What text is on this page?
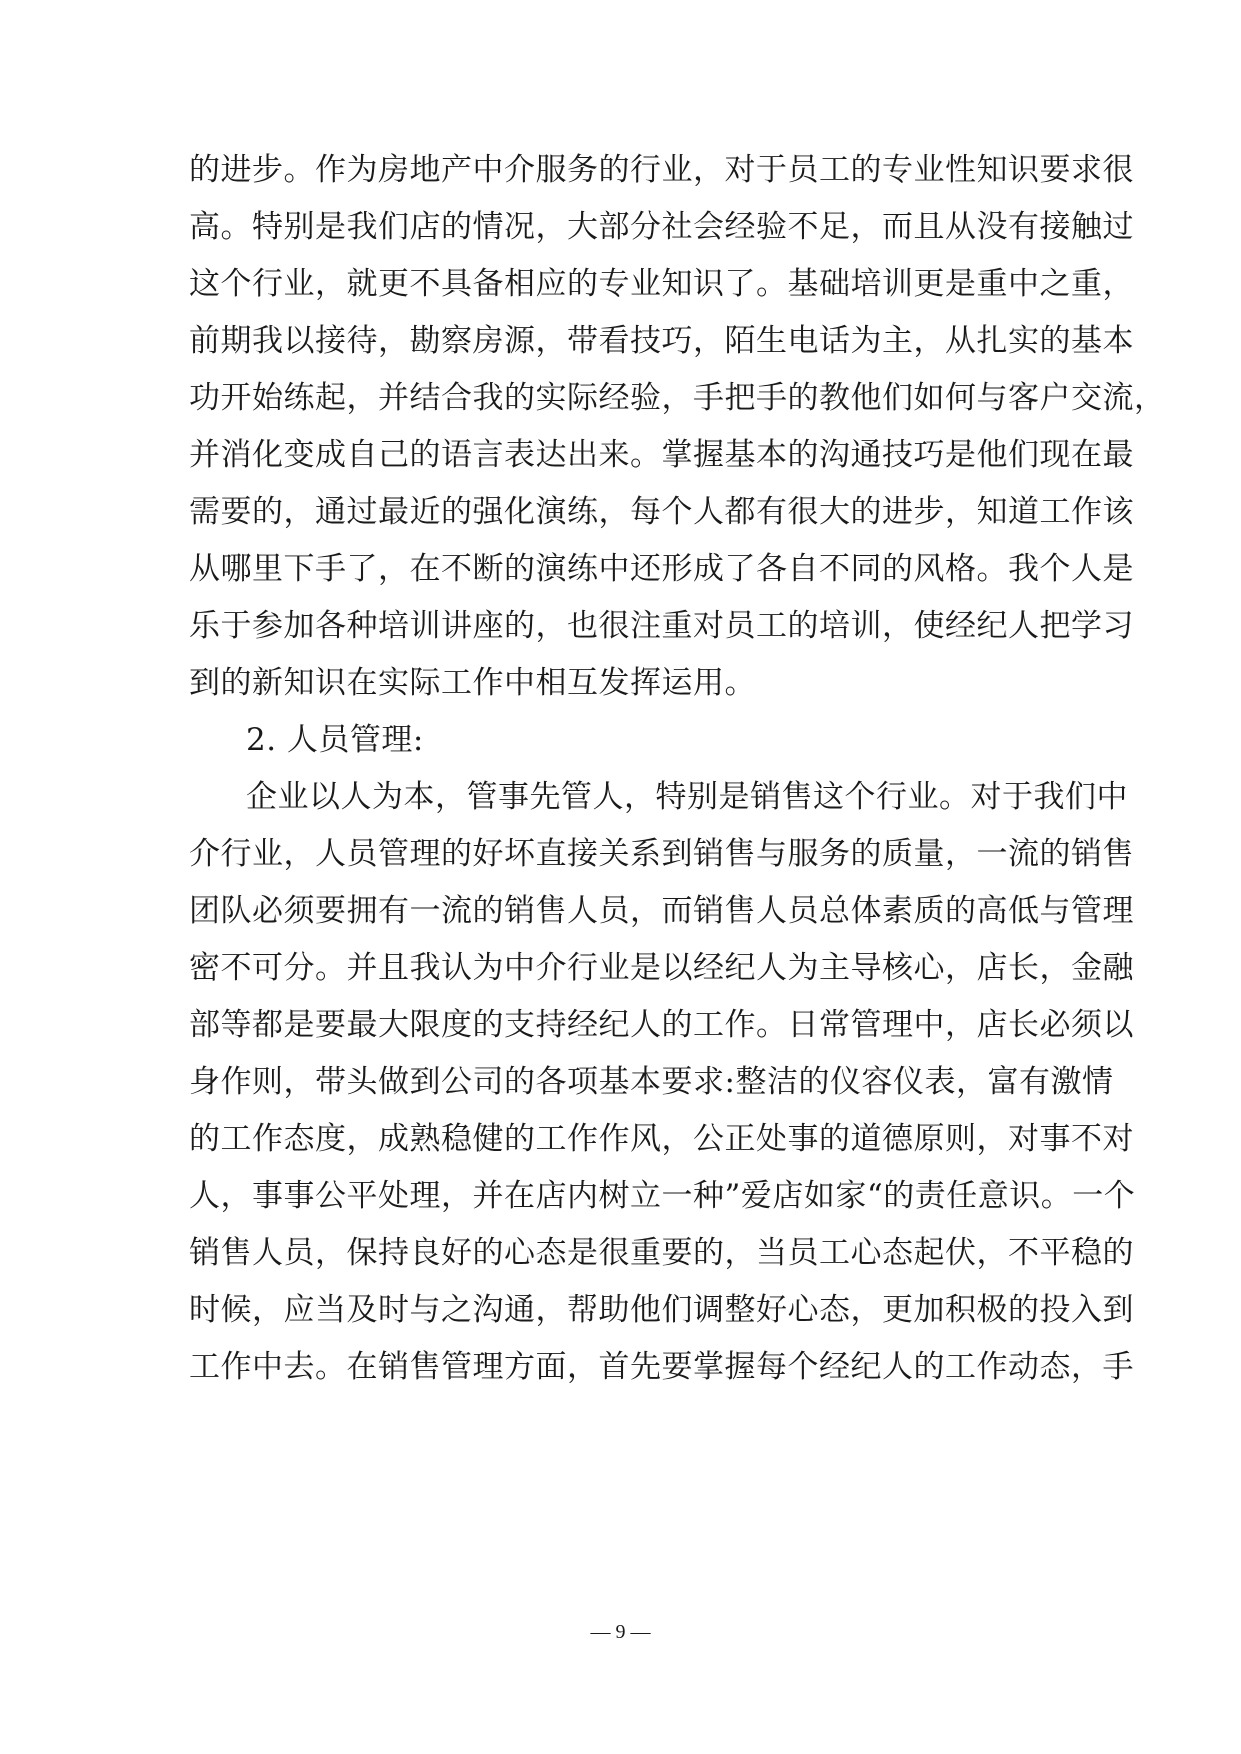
的进步。作为房地产中介服务的行业，对于员工的专业性知识要求很
高。特别是我们店的情况，大部分社会经验不足，而且从没有接触过
这个行业，就更不具备相应的专业知识了。基础培训更是重中之重，
前期我以接待，勘察房源，带看技巧，陌生电话为主，从扎实的基本
功开始练起，并结合我的实际经验，手把手的教他们如何与客户交流，
并消化变成自己的语言表达出来。掌握基本的沟通技巧是他们现在最
需要的，通过最近的强化演练，每个人都有很大的进步，知道工作该
从哪里下手了，在不断的演练中还形成了各自不同的风格。我个人是
乐于参加各种培训讲座的，也很注重对员工的培训，使经纪人把学习
到的新知识在实际工作中相互发挥运用。
2. 人员管理:
企业以人为本，管事先管人，特别是销售这个行业。对于我们中
介行业，人员管理的好坏直接关系到销售与服务的质量，一流的销售
团队必须要拥有一流的销售人员，而销售人员总体素质的高低与管理
密不可分。并且我认为中介行业是以经纪人为主导核心，店长，金融
部等都是要最大限度的支持经纪人的工作。日常管理中，店长必须以
身作则，带头做到公司的各项基本要求:整洁的仪容仪表，富有激情
的工作态度，成熟稳健的工作作风，公正处事的道德原则，对事不对
人，事事公平处理，并在店内树立一种”爱店如家“的责任意识。一个
销售人员，保持良好的心态是很重要的，当员工心态起伏，不平稳的
时候，应当及时与之沟通，帮助他们调整好心态，更加积极的投入到
工作中去。在销售管理方面，首先要掌握每个经纪人的工作动态，手
— 9 —
